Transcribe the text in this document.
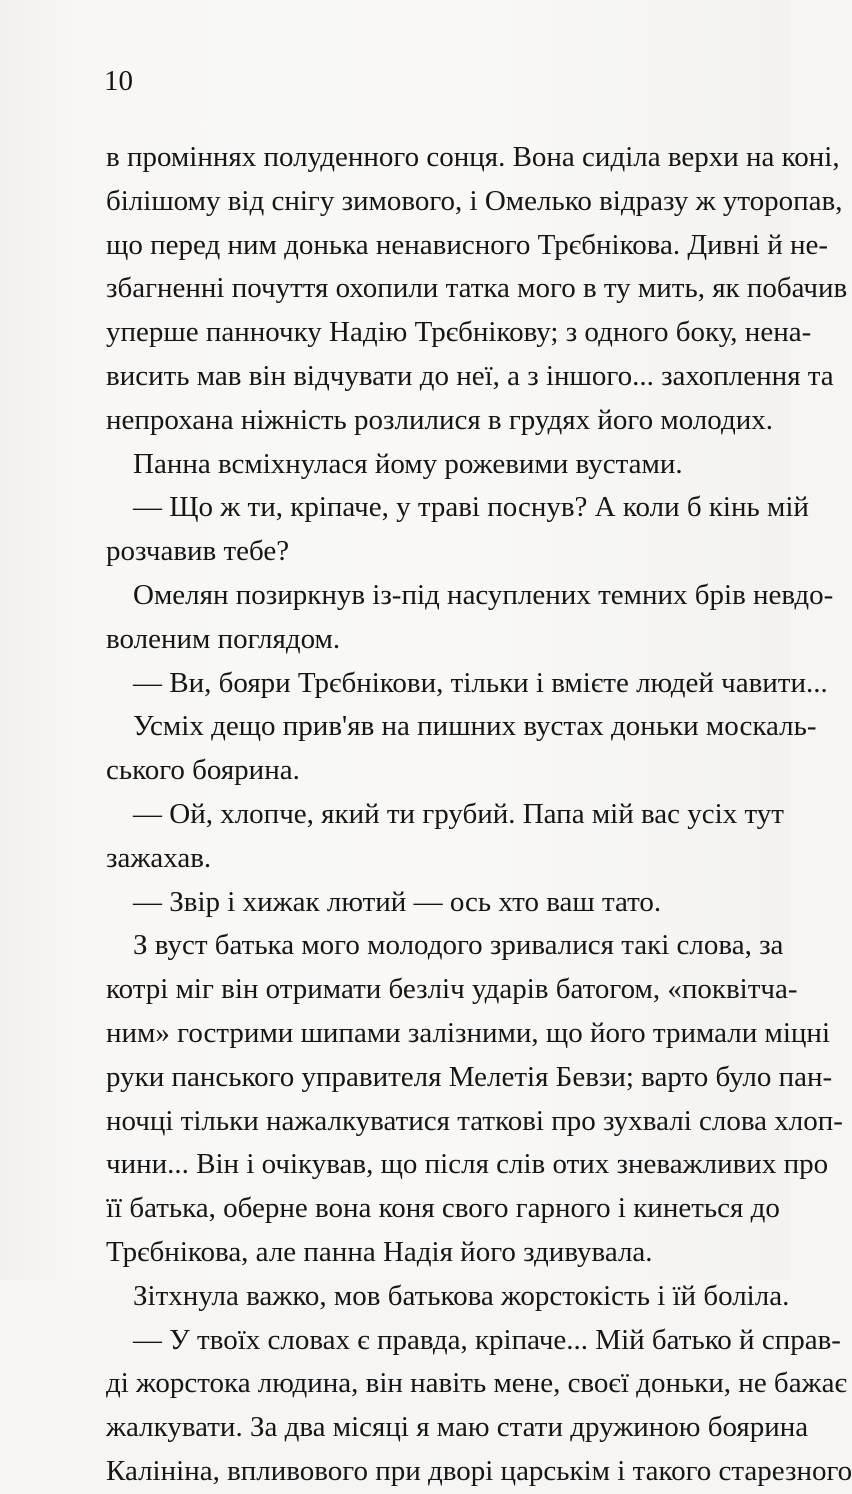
10
в проміннях полуденного сонця. Вона сиділа верхи на коні,
білішому від снігу зимового, і Омелько відразу ж уторопав,
що перед ним донька ненависного Трєбнікова. Дивні й не-
збагненні почуття охопили татка мого в ту мить, як побачив
уперше панночку Надію Трєбнікову; з одного боку, нена-
висить мав він відчувати до неї, а з іншого... захоплення та
непрохана ніжність розлилися в грудях його молодих.
Панна всміхнулася йому рожевими вустами.
— Що ж ти, кріпаче, у траві поснув? А коли б кінь мій
розчавив тебе?
Омелян позиркнув із-під насуплених темних брів невдо-
воленим поглядом.
— Ви, бояри Трєбнікови, тільки і вмієте людей чавити...
Усміх дещо прив'яв на пишних вустах доньки москаль-
ського боярина.
— Ой, хлопче, який ти грубий. Папа мій вас усіх тут
зажахав.
— Звір і хижак лютий — ось хто ваш тато.
З вуст батька мого молодого зривалися такі слова, за
котрі міг він отримати безліч ударів батогом, «поквітча-
ним» гострими шипами залізними, що його тримали міцні
руки панського управителя Мелетія Бевзи; варто було пан-
ночці тільки нажалкуватися таткові про зухвалі слова хлоп-
чини... Він і очікував, що після слів отих зневажливих про
її батька, оберне вона коня свого гарного і кинеться до
Трєбнікова, але панна Надія його здивувала.
Зітхнула важко, мов батькова жорстокість і їй боліла.
— У твоїх словах є правда, кріпаче... Мій батько й справ-
ді жорстока людина, він навіть мене, своєї доньки, не бажає
жалкувати. За два місяці я маю стати дружиною боярина
Калініна, впливового при дворі царськім і такого старезного
